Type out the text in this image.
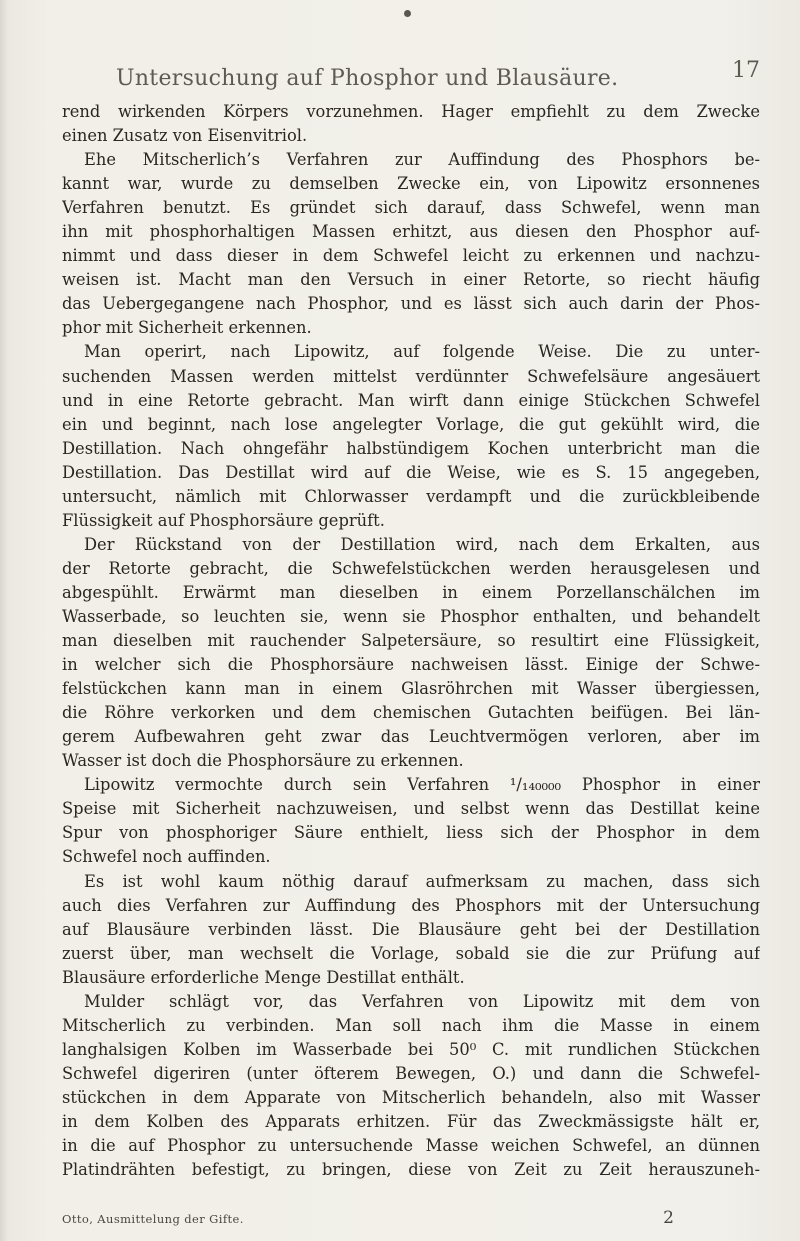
Untersuchung auf Phosphor und Blausäure.	17
rend wirkenden Körpers vorzunehmen. Hager empfiehlt zu dem Zwecke
einen Zusatz von Eisenvitriol.
Ehe Mitscherlich’s Verfahren zur Auffindung des Phosphors be-
kannt war, wurde zu demselben Zwecke ein, von Lipowitz ersonnenes
Verfahren benutzt. Es gründet sich darauf, dass Schwefel, wenn man
ihn mit phosphorhaltigen Massen erhitzt, aus diesen den Phosphor auf-
nimmt und dass dieser in dem Schwefel leicht zu erkennen und nachzu-
weisen ist. Macht man den Versuch in einer Retorte, so riecht häufig
das Uebergegangene nach Phosphor, und es lässt sich auch darin der Phos-
phor mit Sicherheit erkennen.
Man operirt, nach Lipowitz, auf folgende Weise. Die zu unter-
suchenden Massen werden mittelst verdünnter Schwefelsäure angesäuert
und in eine Retorte gebracht. Man wirft dann einige Stückchen Schwefel
ein und beginnt, nach lose angelegter Vorlage, die gut gekühlt wird, die
Destillation. Nach ohngefähr halbstündigem Kochen unterbricht man die
Destillation. Das Destillat wird auf die Weise, wie es S. 15 angegeben,
untersucht, nämlich mit Chlorwasser verdampft und die zurückbleibende
Flüssigkeit auf Phosphorsäure geprüft.
Der Rückstand von der Destillation wird, nach dem Erkalten, aus
der Retorte gebracht, die Schwefelstückchen werden herausgelesen und
abgespühlt. Erwärmt man dieselben in einem Porzellanschälchen im
Wasserbade, so leuchten sie, wenn sie Phosphor enthalten, und behandelt
man dieselben mit rauchender Salpetersäure, so resultirt eine Flüssigkeit,
in welcher sich die Phosphorsäure nachweisen lässt. Einige der Schwe-
felstückchen kann man in einem Glasröhrchen mit Wasser übergiessen,
die Röhre verkorken und dem chemischen Gutachten beifügen. Bei län-
gerem Aufbewahren geht zwar das Leuchtvermögen verloren, aber im
Wasser ist doch die Phosphorsäure zu erkennen.
Lipowitz vermochte durch sein Verfahren ¹/₁₄₀₀₀₀ Phosphor in einer
Speise mit Sicherheit nachzuweisen, und selbst wenn das Destillat keine
Spur von phosphoriger Säure enthielt, liess sich der Phosphor in dem
Schwefel noch auffinden.
Es ist wohl kaum nöthig darauf aufmerksam zu machen, dass sich
auch dies Verfahren zur Auffindung des Phosphors mit der Untersuchung
auf Blausäure verbinden lässt. Die Blausäure geht bei der Destillation
zuerst über, man wechselt die Vorlage, sobald sie die zur Prüfung auf
Blausäure erforderliche Menge Destillat enthält.
Mulder schlägt vor, das Verfahren von Lipowitz mit dem von
Mitscherlich zu verbinden. Man soll nach ihm die Masse in einem
langhalsigen Kolben im Wasserbade bei 50⁰ C. mit rundlichen Stückchen
Schwefel digeriren (unter öfterem Bewegen, O.) und dann die Schwefel-
stückchen in dem Apparate von Mitscherlich behandeln, also mit Wasser
in dem Kolben des Apparats erhitzen. Für das Zweckmässigste hält er,
in die auf Phosphor zu untersuchende Masse weichen Schwefel, an dünnen
Platindrähten befestigt, zu bringen, diese von Zeit zu Zeit herauszuneh-
Otto, Ausmittelung der Gifte.	2
